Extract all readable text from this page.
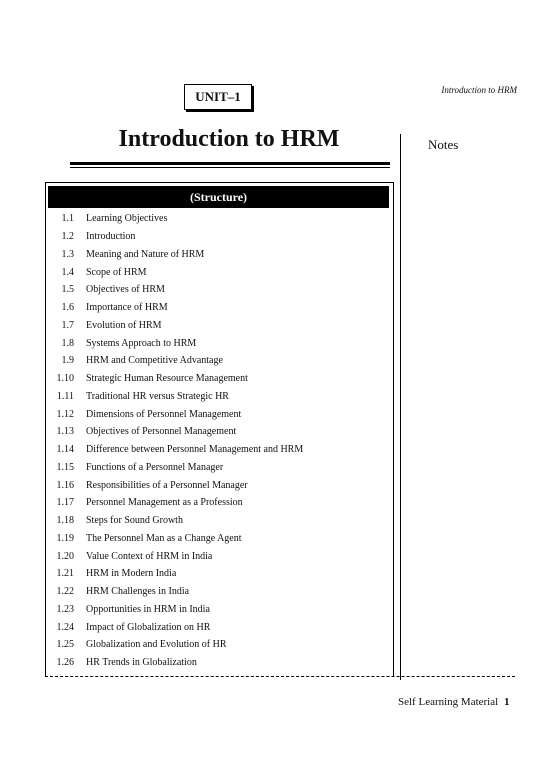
UNIT–1	Introduction to HRM
Introduction to HRM	Notes
(Structure)
1.1 Learning Objectives
1.2 Introduction
1.3 Meaning and Nature of HRM
1.4 Scope of HRM
1.5 Objectives of HRM
1.6 Importance of HRM
1.7 Evolution of HRM
1.8 Systems Approach to HRM
1.9 HRM and Competitive Advantage
1.10 Strategic Human Resource Management
1.11 Traditional HR versus Strategic HR
1.12 Dimensions of Personnel Management
1.13 Objectives of Personnel Management
1.14 Difference between Personnel Management and HRM
1.15 Functions of a Personnel Manager
1.16 Responsibilities of a Personnel Manager
1.17 Personnel Management as a Profession
1.18 Steps for Sound Growth
1.19 The Personnel Man as a Change Agent
1.20 Value Context of HRM in India
1.21 HRM in Modern India
1.22 HRM Challenges in India
1.23 Opportunities in HRM in India
1.24 Impact of Globalization on HR
1.25 Globalization and Evolution of HR
1.26 HR Trends in Globalization
Self Learning Material 1
